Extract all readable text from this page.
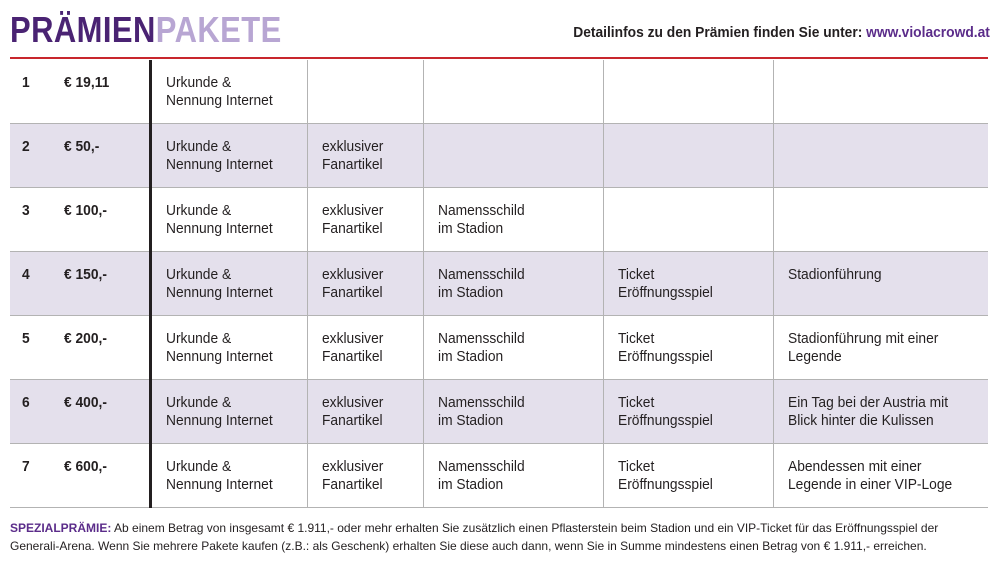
PRÄMIENPAKETE	Detailinfos zu den Prämien finden Sie unter: www.violacrowd.at
1	€ 19,11	Urkunde &
Nennung Internet				

2	€ 50,-	Urkunde &
Nennung Internet	exklusiver
Fanartikel			

3	€ 100,-	Urkunde &
Nennung Internet	exklusiver
Fanartikel	Namensschild
im Stadion		

4	€ 150,-	Urkunde &
Nennung Internet	exklusiver
Fanartikel	Namensschild
im Stadion	Ticket
Eröffnungsspiel	Stadionführung

5	€ 200,-	Urkunde &
Nennung Internet	exklusiver
Fanartikel	Namensschild
im Stadion	Ticket
Eröffnungsspiel	Stadionführung mit einer
Legende

6	€ 400,-	Urkunde &
Nennung Internet	exklusiver
Fanartikel	Namensschild
im Stadion	Ticket
Eröffnungsspiel	Ein Tag bei der Austria mit
Blick hinter die Kulissen

7	€ 600,-	Urkunde &
Nennung Internet	exklusiver
Fanartikel	Namensschild
im Stadion	Ticket
Eröffnungsspiel	Abendessen mit einer
Legende in einer VIP-Loge
SPEZIALPRÄMIE: Ab einem Betrag von insgesamt € 1.911,- oder mehr erhalten Sie zusätzlich einen Pflasterstein beim Stadion und ein VIP-Ticket für das Eröffnungsspiel der Generali-Arena. Wenn Sie mehrere Pakete kaufen (z.B.: als Geschenk) erhalten Sie diese auch dann, wenn Sie in Summe mindestens einen Betrag von € 1.911,- erreichen.
